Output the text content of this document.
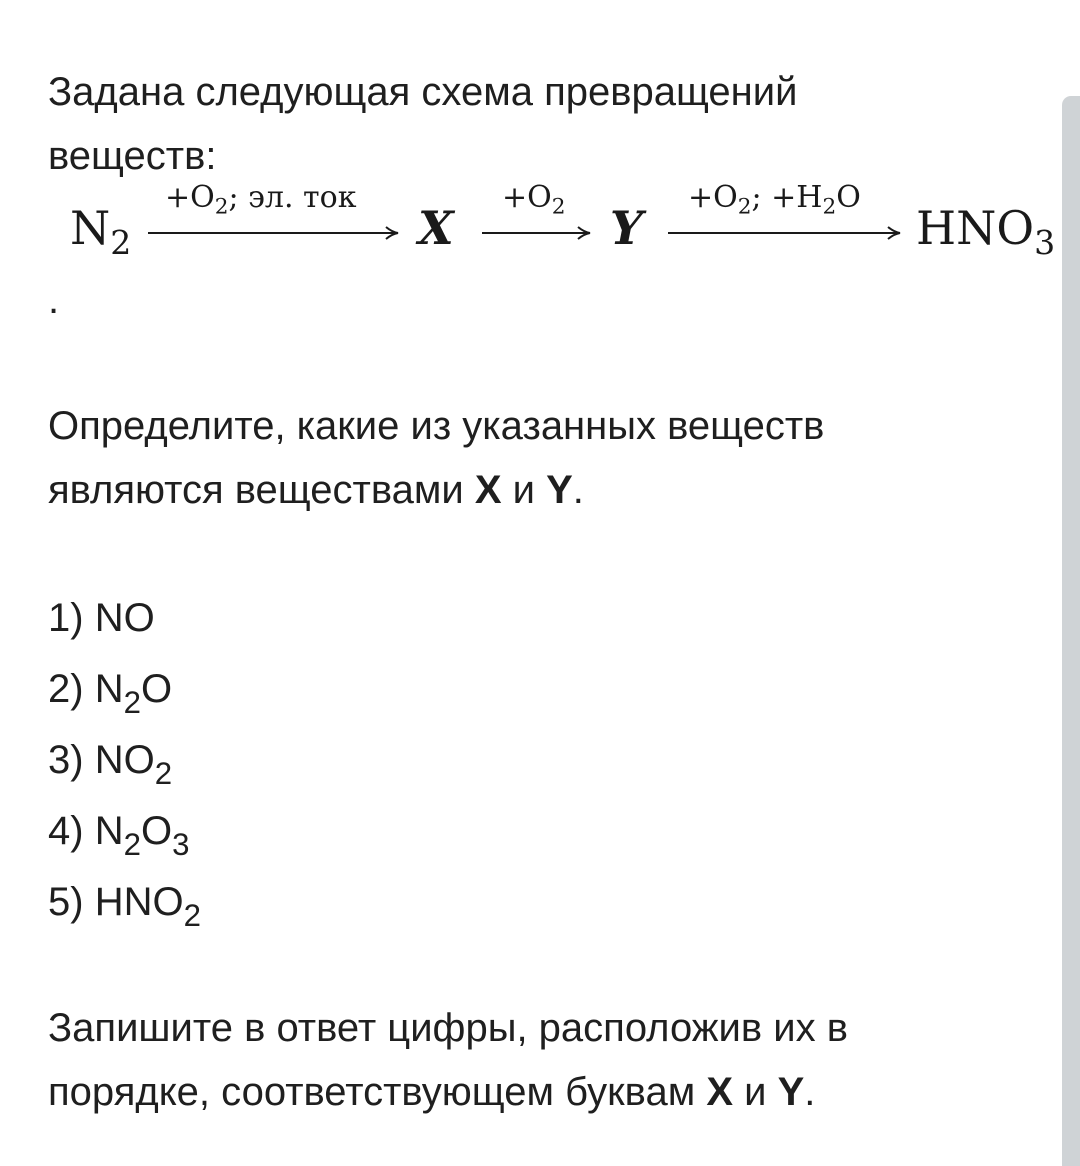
Задана следующая схема превращений
веществ:

$N_2$
$+O_2$; эл. ток
X
$+O_2$ Y
$+O_2$; $+H_2O$
$HNO_3$
.

Определите, какие из указанных веществ
являются веществами X и Y.

1) NO
2) $N_2O$
3) $NO_2$
4) $N_2O_3$
5) $HNO_2$

Запишите в ответ цифры, расположив их в
порядке, соответствующем буквам X и Y.
